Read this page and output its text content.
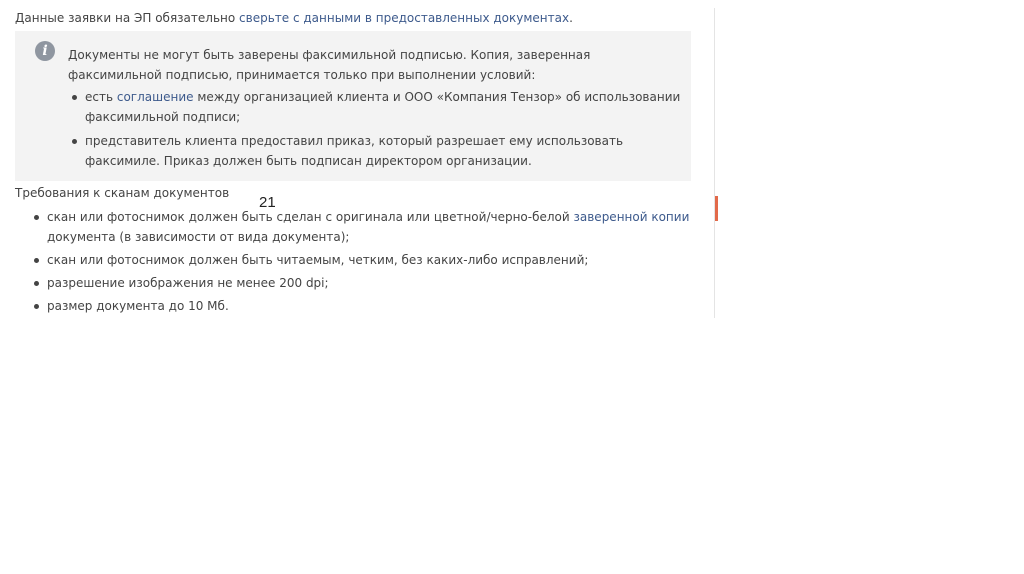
Данные заявки на ЭП обязательно сверьте с данными в предоставленных документах.
i	Документы не могут быть заверены факсимильной подписью. Копия, заверенная факсимильной подписью, принимается только при выполнении условий:
есть соглашение между организацией клиента и ООО «Компания Тензор» об использовании факсимильной подписи;
представитель клиента предоставил приказ, который разрешает ему использовать факсимиле. Приказ должен быть подписан директором организации.
Требования к сканам документов
скан или фотоснимок должен быть сделан с оригинала или цветной/черно-белой заверенной копии документа (в зависимости от вида документа);
скан или фотоснимок должен быть читаемым, четким, без каких-либо исправлений;
разрешение изображения не менее 200 dpi;
размер документа до 10 Мб.
21
